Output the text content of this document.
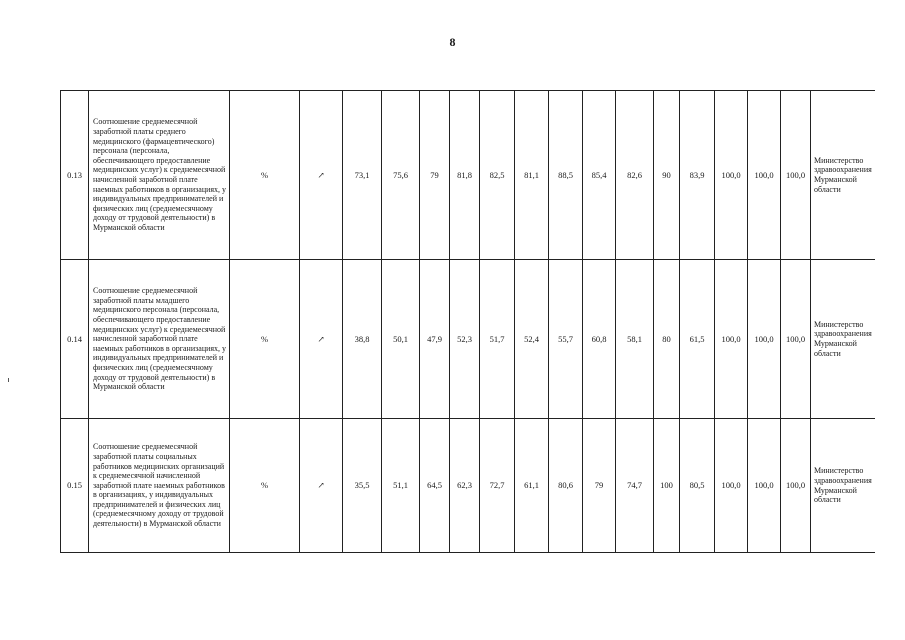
8
0.13	Соотношение среднемесячной заработной платы среднего медицинского (фармацевтического) персонала (персонала, обеспечивающего предоставление медицинских услуг) к среднемесячной начисленной заработной плате наемных работников в организациях, у индивидуальных предпринимателей и физических лиц (среднемесячному доходу от трудовой деятельности) в Мурманской области	%	↗	73,1	75,6	79	81,8	82,5	81,1	88,5	85,4	82,6	90	83,9	100,0	100,0	100,0	Министерство здравоохранения Мурманской области
0.14	Соотношение среднемесячной заработной платы младшего медицинского персонала (персонала, обеспечивающего предоставление медицинских услуг) к среднемесячной начисленной заработной плате наемных работников в организациях, у индивидуальных предпринимателей и физических лиц (среднемесячному доходу от трудовой деятельности) в Мурманской области	%	↗	38,8	50,1	47,9	52,3	51,7	52,4	55,7	60,8	58,1	80	61,5	100,0	100,0	100,0	Министерство здравоохранения Мурманской области
0.15	Соотношение среднемесячной заработной платы социальных работников медицинских организаций к среднемесячной начисленной заработной плате наемных работников в организациях, у индивидуальных предпринимателей и физических лиц (среднемесячному доходу от трудовой деятельности) в Мурманской области	%	↗	35,5	51,1	64,5	62,3	72,7	61,1	80,6	79	74,7	100	80,5	100,0	100,0	100,0	Министерство здравоохранения Мурманской области
